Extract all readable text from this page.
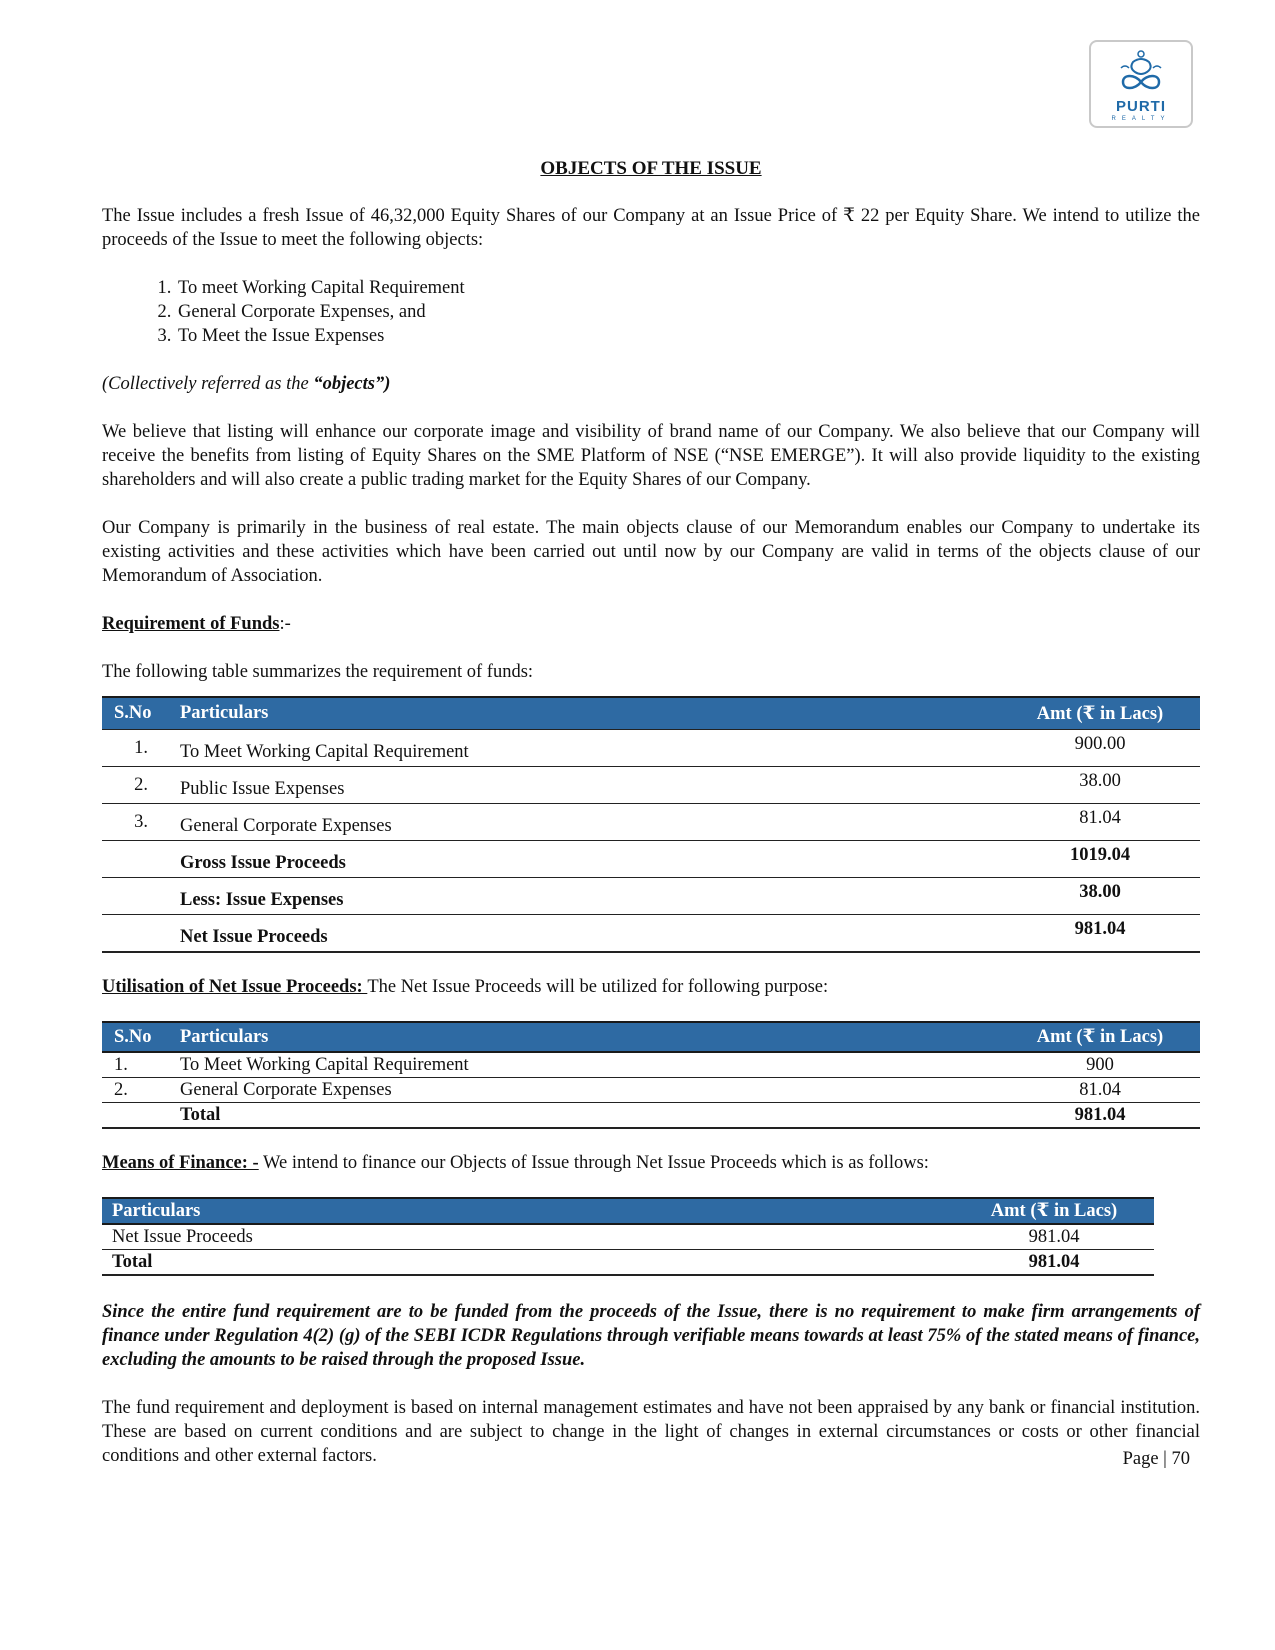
PURTI
REALTY
OBJECTS OF THE ISSUE

The Issue includes a fresh Issue of 46,32,000 Equity Shares of our Company at an Issue Price of ₹ 22 per Equity Share. We intend to utilize the proceeds of the Issue to meet the following objects:

1. To meet Working Capital Requirement
2. General Corporate Expenses, and
3. To Meet the Issue Expenses

(Collectively referred as the “objects”)

We believe that listing will enhance our corporate image and visibility of brand name of our Company. We also believe that our Company will receive the benefits from listing of Equity Shares on the SME Platform of NSE (“NSE EMERGE”). It will also provide liquidity to the existing shareholders and will also create a public trading market for the Equity Shares of our Company.

Our Company is primarily in the business of real estate. The main objects clause of our Memorandum enables our Company to undertake its existing activities and these activities which have been carried out until now by our Company are valid in terms of the objects clause of our Memorandum of Association.

Requirement of Funds:-

The following table summarizes the requirement of funds:

S.No	Particulars	Amt (₹ in Lacs)
1.	To Meet Working Capital Requirement	900.00
2.	Public Issue Expenses	38.00
3.	General Corporate Expenses	81.04
	Gross Issue Proceeds	1019.04
	Less: Issue Expenses	38.00
	Net Issue Proceeds	981.04

Utilisation of Net Issue Proceeds: The Net Issue Proceeds will be utilized for following purpose:

S.No	Particulars	Amt (₹ in Lacs)
1.	To Meet Working Capital Requirement	900
2.	General Corporate Expenses	81.04
	Total	981.04

Means of Finance: - We intend to finance our Objects of Issue through Net Issue Proceeds which is as follows:

Particulars	Amt (₹ in Lacs)
Net Issue Proceeds	981.04
Total	981.04

Since the entire fund requirement are to be funded from the proceeds of the Issue, there is no requirement to make firm arrangements of finance under Regulation 4(2) (g) of the SEBI ICDR Regulations through verifiable means towards at least 75% of the stated means of finance, excluding the amounts to be raised through the proposed Issue.

The fund requirement and deployment is based on internal management estimates and have not been appraised by any bank or financial institution. These are based on current conditions and are subject to change in the light of changes in external circumstances or costs or other financial conditions and other external factors.	Page | 70
